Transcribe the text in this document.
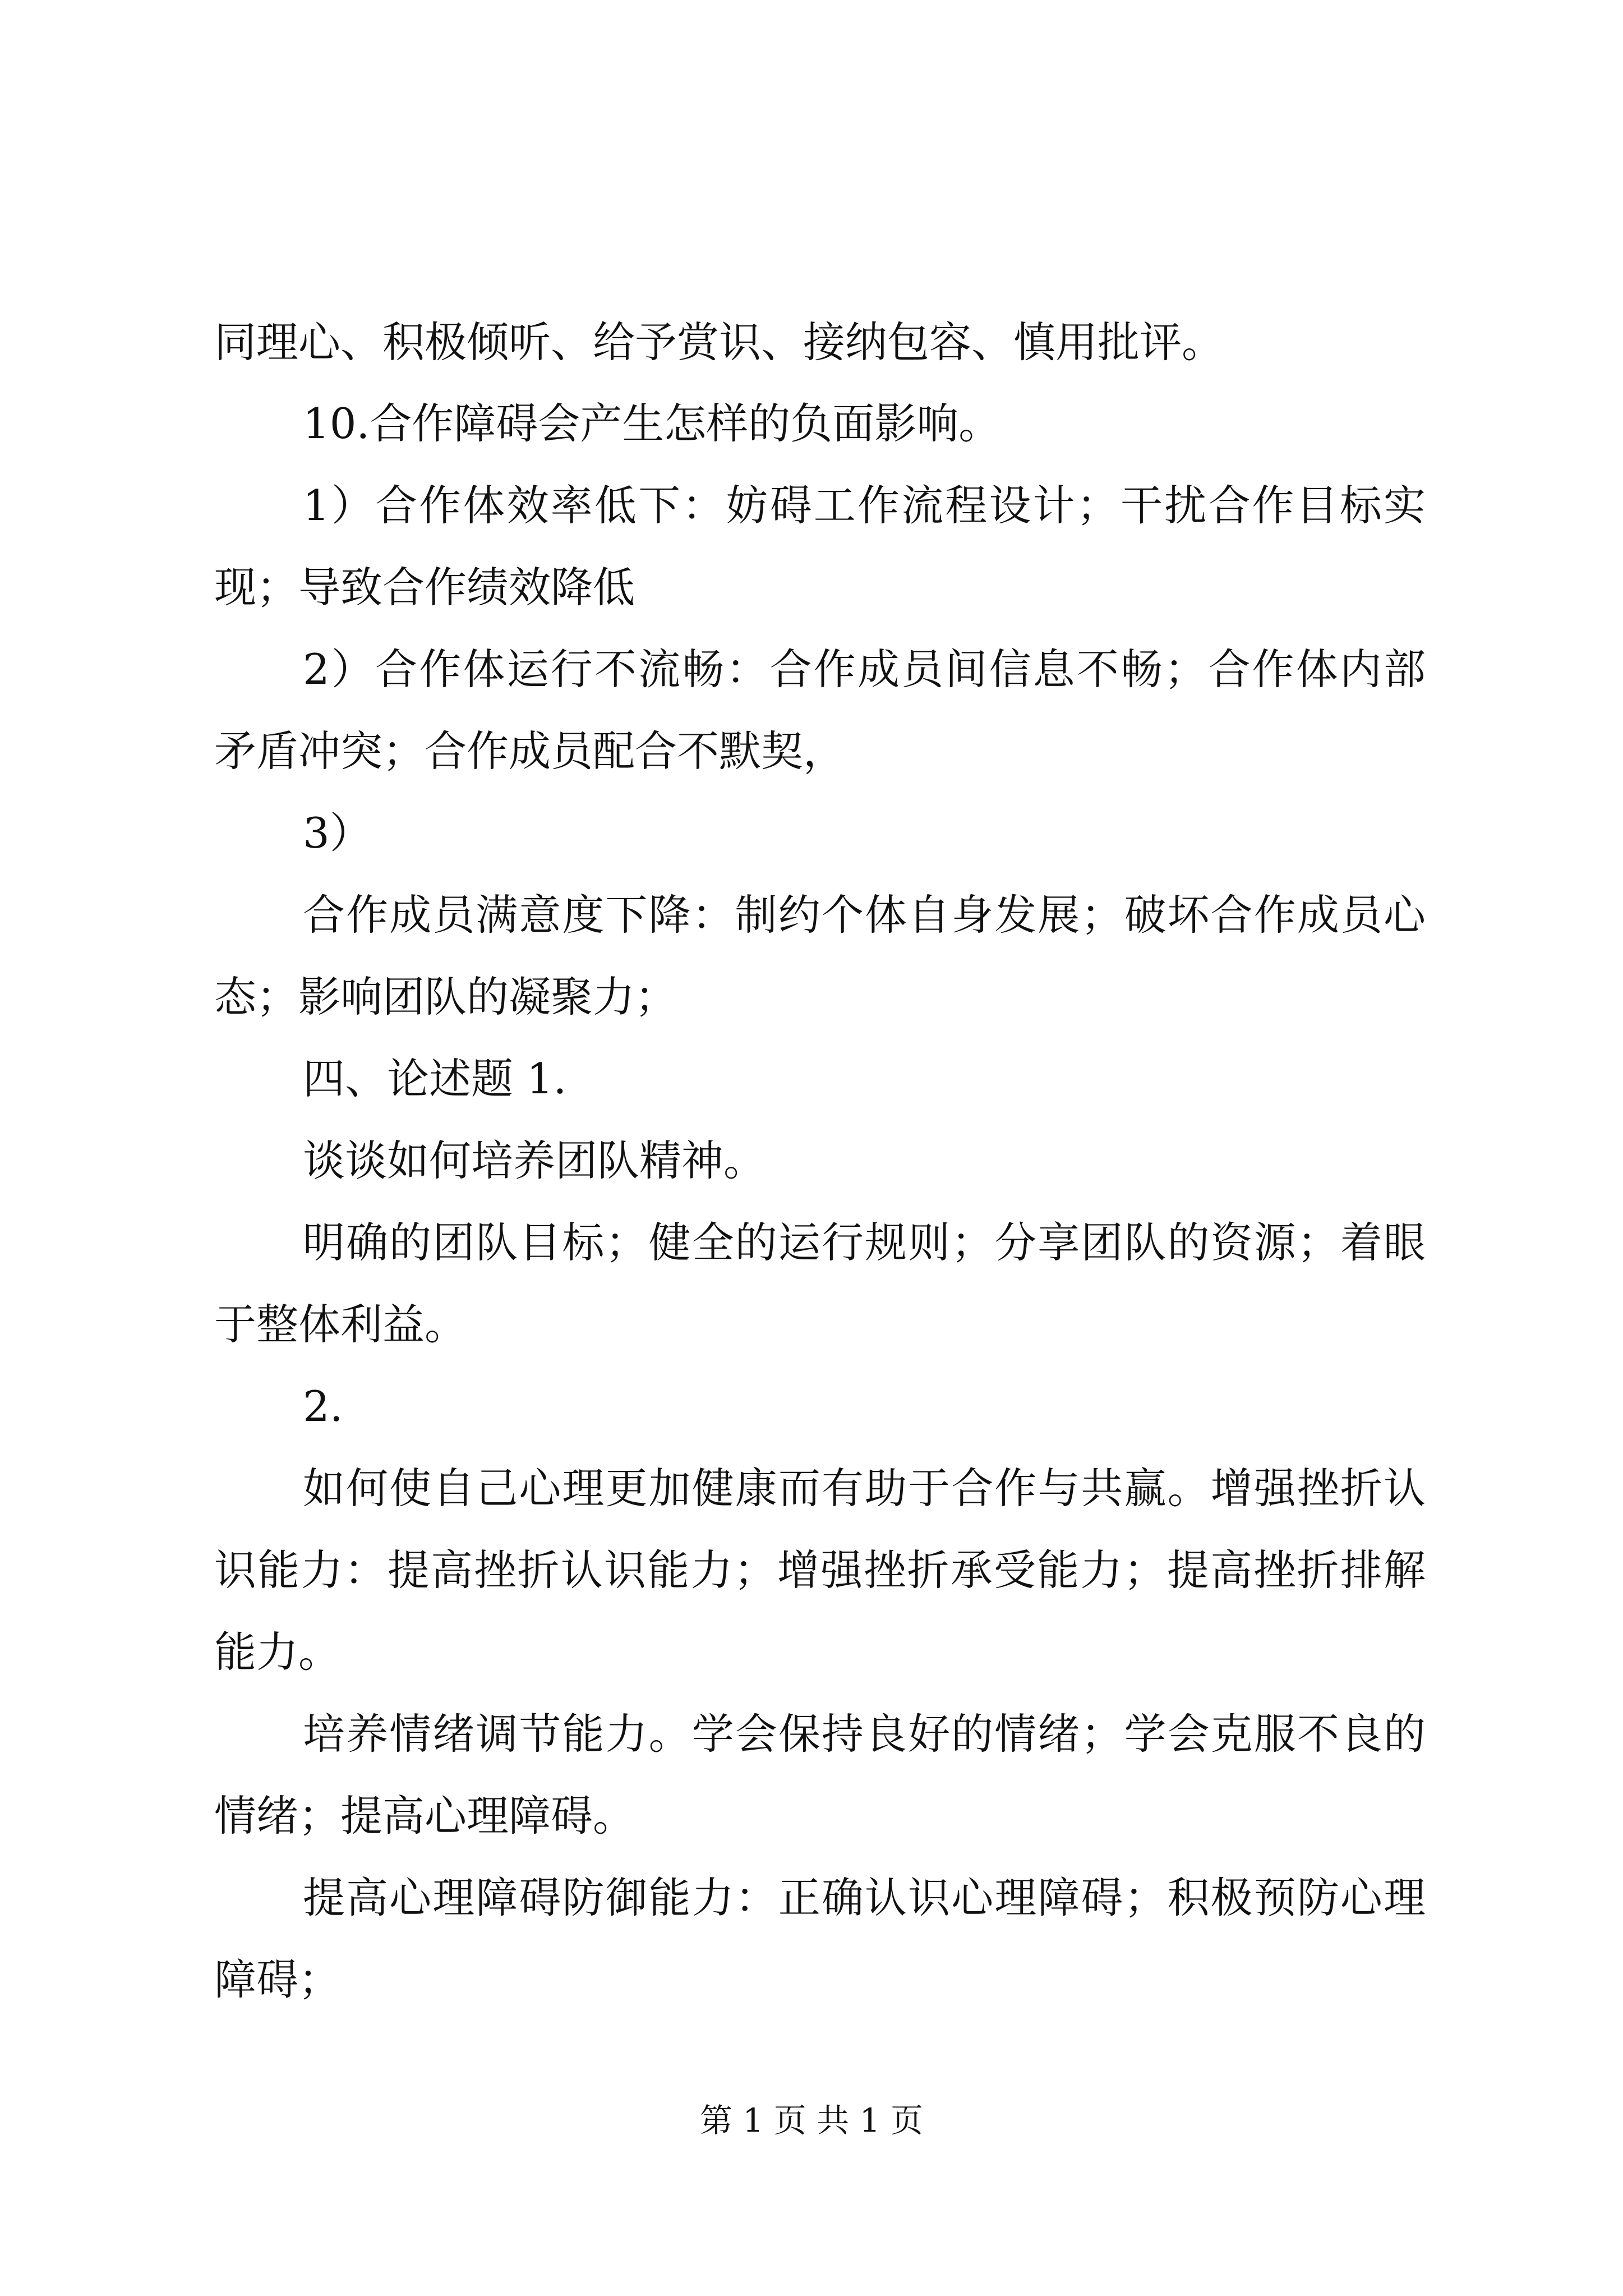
同理心、积极倾听、给予赏识、接纳包容、慎用批评。
10.合作障碍会产生怎样的负面影响。
1）合作体效率低下：妨碍工作流程设计；干扰合作目标实
现；导致合作绩效降低
2）合作体运行不流畅：合作成员间信息不畅；合作体内部
矛盾冲突；合作成员配合不默契，
3）
合作成员满意度下降：制约个体自身发展；破坏合作成员心
态；影响团队的凝聚力；
四、论述题 1.
谈谈如何培养团队精神。
明确的团队目标；健全的运行规则；分享团队的资源；着眼
于整体利益。
2.
如何使自己心理更加健康而有助于合作与共赢。增强挫折认
识能力：提高挫折认识能力；增强挫折承受能力；提高挫折排解
能力。
培养情绪调节能力。学会保持良好的情绪；学会克服不良的
情绪；提高心理障碍。
提高心理障碍防御能力：正确认识心理障碍；积极预防心理
障碍；
第 1 页 共 1 页
